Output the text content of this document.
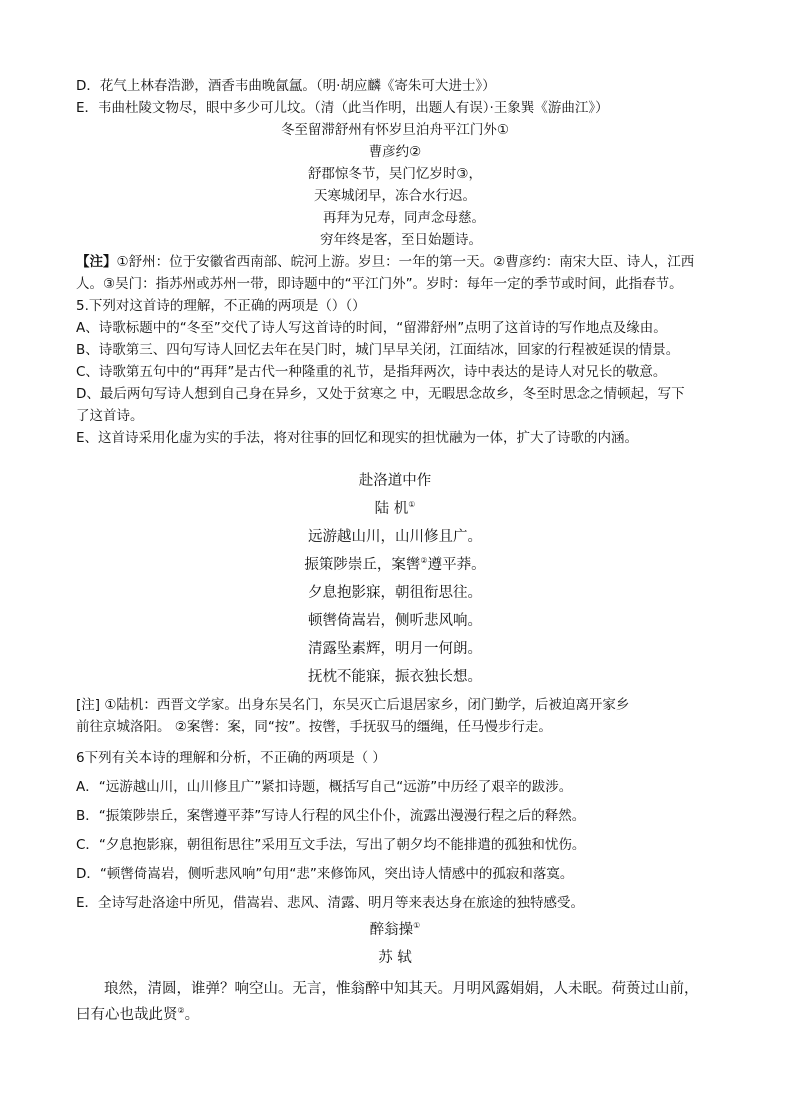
D．花气上林春浩渺，酒香韦曲晚氤氲。（明·胡应麟《寄朱可大进士》）
E．韦曲杜陵文物尽，眼中多少可儿坟。（清（此当作明，出题人有误）·王象巽《游曲江》）
冬至留滞舒州有怀岁旦泊舟平江门外①
曹彦约②
舒郡惊冬节，吴门忆岁时③，
天寒城闭早，冻合水行迟。
再拜为兄寿，同声念母慈。
穷年终是客，至日始题诗。
【注】①舒州：位于安徽省西南部、皖河上游。岁旦：一年的第一天。②曹彦约：南宋大臣、诗人，江西
人。③吴门：指苏州或苏州一带，即诗题中的“平江门外”。岁时：每年一定的季节或时间，此指春节。
5.下列对这首诗的理解，不正确的两项是（）（）
A、诗歌标题中的“冬至”交代了诗人写这首诗的时间，“留滞舒州”点明了这首诗的写作地点及缘由。
B、诗歌第三、四句写诗人回忆去年在吴门时，城门早早关闭，江面结冰，回家的行程被延误的情景。
C、诗歌第五句中的“再拜”是古代一种隆重的礼节，是指拜两次，诗中表达的是诗人对兄长的敬意。
D、最后两句写诗人想到自己身在异乡，又处于贫寒之 中，无暇思念故乡，冬至时思念之情顿起，写下
了这首诗。
E、这首诗采用化虚为实的手法，将对往事的回忆和现实的担忧融为一体，扩大了诗歌的内涵。
赴洛道中作
陆 机①
远游越山川，山川修且广。
振策陟崇丘，案辔②遵平莽。
夕息抱影寐，朝徂衔思往。
顿辔倚嵩岩，侧听悲风响。
清露坠素辉，明月一何朗。
抚枕不能寐，振衣独长想。
[注] ①陆机：西晋文学家。出身东吴名门，东吴灭亡后退居家乡，闭门勤学，后被迫离开家乡
前往京城洛阳。 ②案辔：案，同“按”。按辔，手抚驭马的缰绳，任马慢步行走。
6下列有关本诗的理解和分析，不正确的两项是（ ）
A．“远游越山川，山川修且广”紧扣诗题，概括写自己“远游”中历经了艰辛的跋涉。
B．“振策陟崇丘，案辔遵平莽”写诗人行程的风尘仆仆，流露出漫漫行程之后的释然。
C．“夕息抱影寐，朝徂衔思往”采用互文手法，写出了朝夕均不能排遣的孤独和忧伤。
D．“顿辔倚嵩岩，侧听悲风响”句用“悲”来修饰风，突出诗人情感中的孤寂和落寞。
E．全诗写赴洛途中所见，借嵩岩、悲风、清露、明月等来表达身在旅途的独特感受。
醉翁操①
苏 轼
琅然，清圆，谁弹？响空山。无言，惟翁醉中知其天。月明风露娟娟，人未眠。荷蒉过山前，
曰有心也哉此贤②。
